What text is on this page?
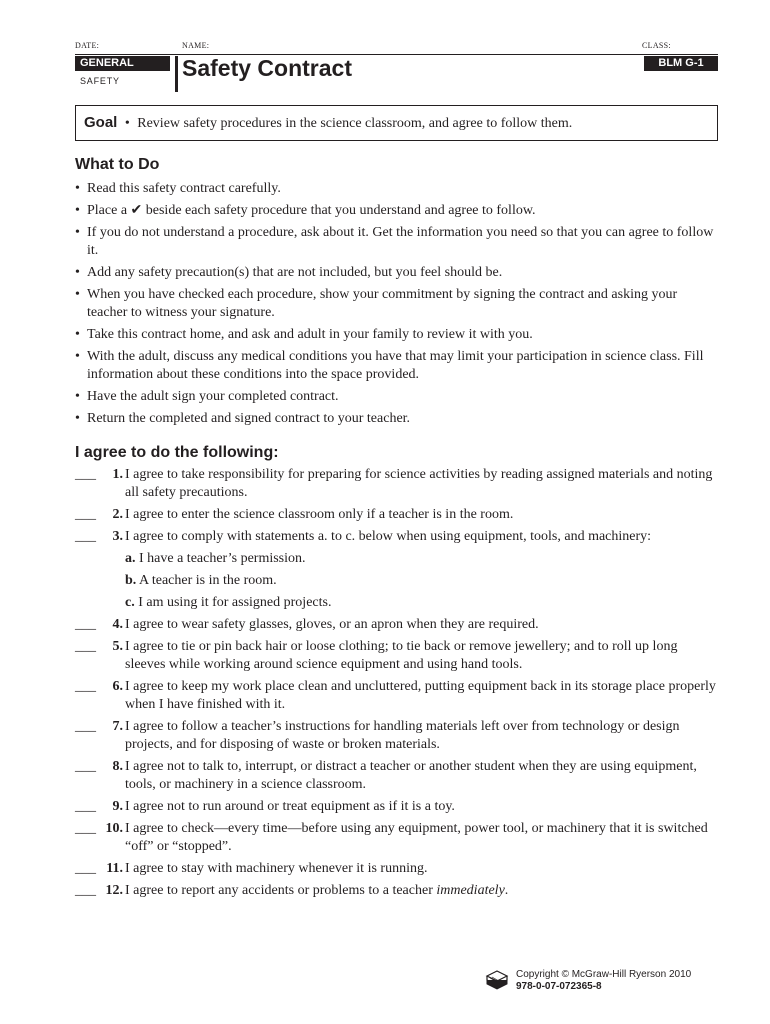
DATE:	NAME:	CLASS:
GENERAL
SAFETY	Safety Contract	BLM G-1
Goal • Review safety procedures in the science classroom, and agree to follow them.
What to Do
• Read this safety contract carefully.
• Place a ✔ beside each safety procedure that you understand and agree to follow.
• If you do not understand a procedure, ask about it. Get the information you need so that you can agree to follow it.
• Add any safety precaution(s) that are not included, but you feel should be.
• When you have checked each procedure, show your commitment by signing the contract and asking your teacher to witness your signature.
• Take this contract home, and ask and adult in your family to review it with you.
• With the adult, discuss any medical conditions you have that may limit your participation in science class. Fill information about these conditions into the space provided.
• Have the adult sign your completed contract.
• Return the completed and signed contract to your teacher.
I agree to do the following:
___	1. I agree to take responsibility for preparing for science activities by reading assigned materials and noting all safety precautions.
___	2. I agree to enter the science classroom only if a teacher is in the room.
___	3. I agree to comply with statements a. to c. below when using equipment, tools, and machinery:
a. I have a teacher’s permission.
b. A teacher is in the room.
c. I am using it for assigned projects.
___	4. I agree to wear safety glasses, gloves, or an apron when they are required.
___	5. I agree to tie or pin back hair or loose clothing; to tie back or remove jewellery; and to roll up long sleeves while working around science equipment and using hand tools.
___	6. I agree to keep my work place clean and uncluttered, putting equipment back in its storage place properly when I have finished with it.
___	7. I agree to follow a teacher’s instructions for handling materials left over from technology or design projects, and for disposing of waste or broken materials.
___	8. I agree not to talk to, interrupt, or distract a teacher or another student when they are using equipment, tools, or machinery in a science classroom.
___	9. I agree not to run around or treat equipment as if it is a toy.
___ 10. I agree to check—every time—before using any equipment, power tool, or machinery that it is switched “off” or “stopped”.
___ 11. I agree to stay with machinery whenever it is running.
___ 12. I agree to report any accidents or problems to a teacher immediately.
Copyright © McGraw-Hill Ryerson 2010
978-0-07-072365-8
